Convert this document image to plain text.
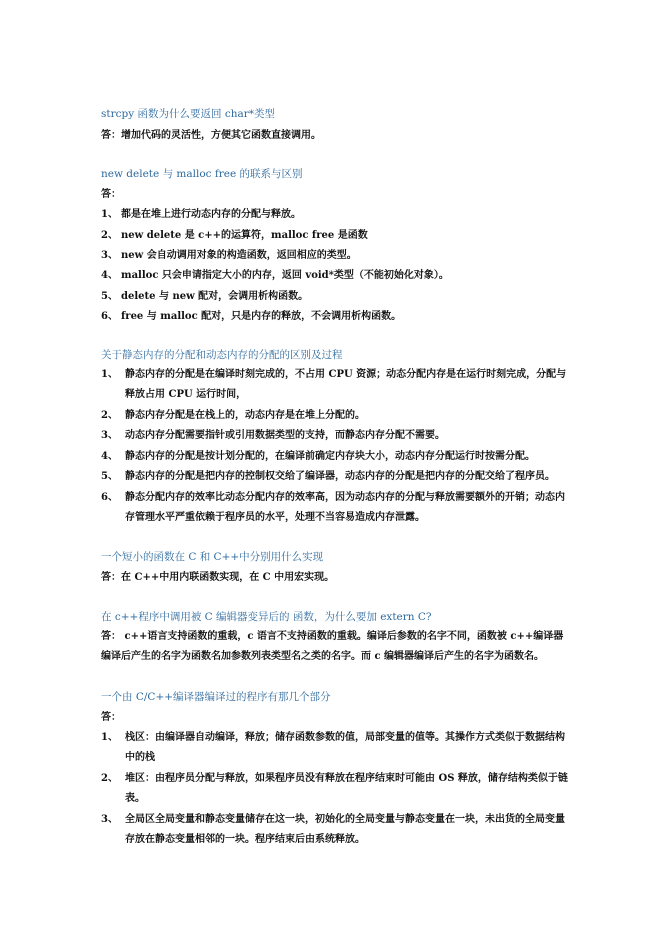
strcpy 函数为什么要返回 char*类型
答：增加代码的灵活性，方便其它函数直接调用。
new delete 与 malloc free 的联系与区别
答：
1、 都是在堆上进行动态内存的分配与释放。
2、 new delete 是 c++的运算符，malloc free 是函数
3、 new 会自动调用对象的构造函数，返回相应的类型。
4、 malloc 只会申请指定大小的内存，返回 void*类型（不能初始化对象）。
5、 delete 与 new 配对，会调用析构函数。
6、 free 与 malloc 配对，只是内存的释放，不会调用析构函数。
关于静态内存的分配和动态内存的分配的区别及过程
1、 静态内存的分配是在编译时刻完成的，不占用 CPU 资源；动态分配内存是在运行时刻完成，分配与释放占用 CPU 运行时间，
2、 静态内存分配是在栈上的，动态内存是在堆上分配的。
3、 动态内存分配需要指针或引用数据类型的支持，而静态内存分配不需要。
4、 静态内存的分配是按计划分配的，在编译前确定内存块大小，动态内存分配运行时按需分配。
5、 静态内存的分配是把内存的控制权交给了编译器，动态内存的分配是把内存的分配交给了程序员。
6、 静态分配内存的效率比动态分配内存的效率高，因为动态内存的分配与释放需要额外的开销；动态内存管理水平严重依赖于程序员的水平，处理不当容易造成内存泄露。
一个短小的函数在 C 和 C++中分别用什么实现
答：在 C++中用内联函数实现，在 C 中用宏实现。
在 c++程序中调用被 C 编辑器变异后的 函数，为什么要加 extern C?
答： c++语言支持函数的重载，c 语言不支持函数的重载。编译后参数的名字不同，函数被 c++编译器编译后产生的名字为函数名加参数列表类型名之类的名字。而 c 编辑器编译后产生的名字为函数名。
一个由 C/C++编译器编译过的程序有那几个部分
答：
1、 栈区：由编译器自动编译，释放；储存函数参数的值，局部变量的值等。其操作方式类似于数据结构中的栈
2、 堆区：由程序员分配与释放，如果程序员没有释放在程序结束时可能由 OS 释放，储存结构类似于链表。
3、 全局区全局变量和静态变量储存在这一块，初始化的全局变量与静态变量在一块，未出货的全局变量存放在静态变量相邻的一块。程序结束后由系统释放。
